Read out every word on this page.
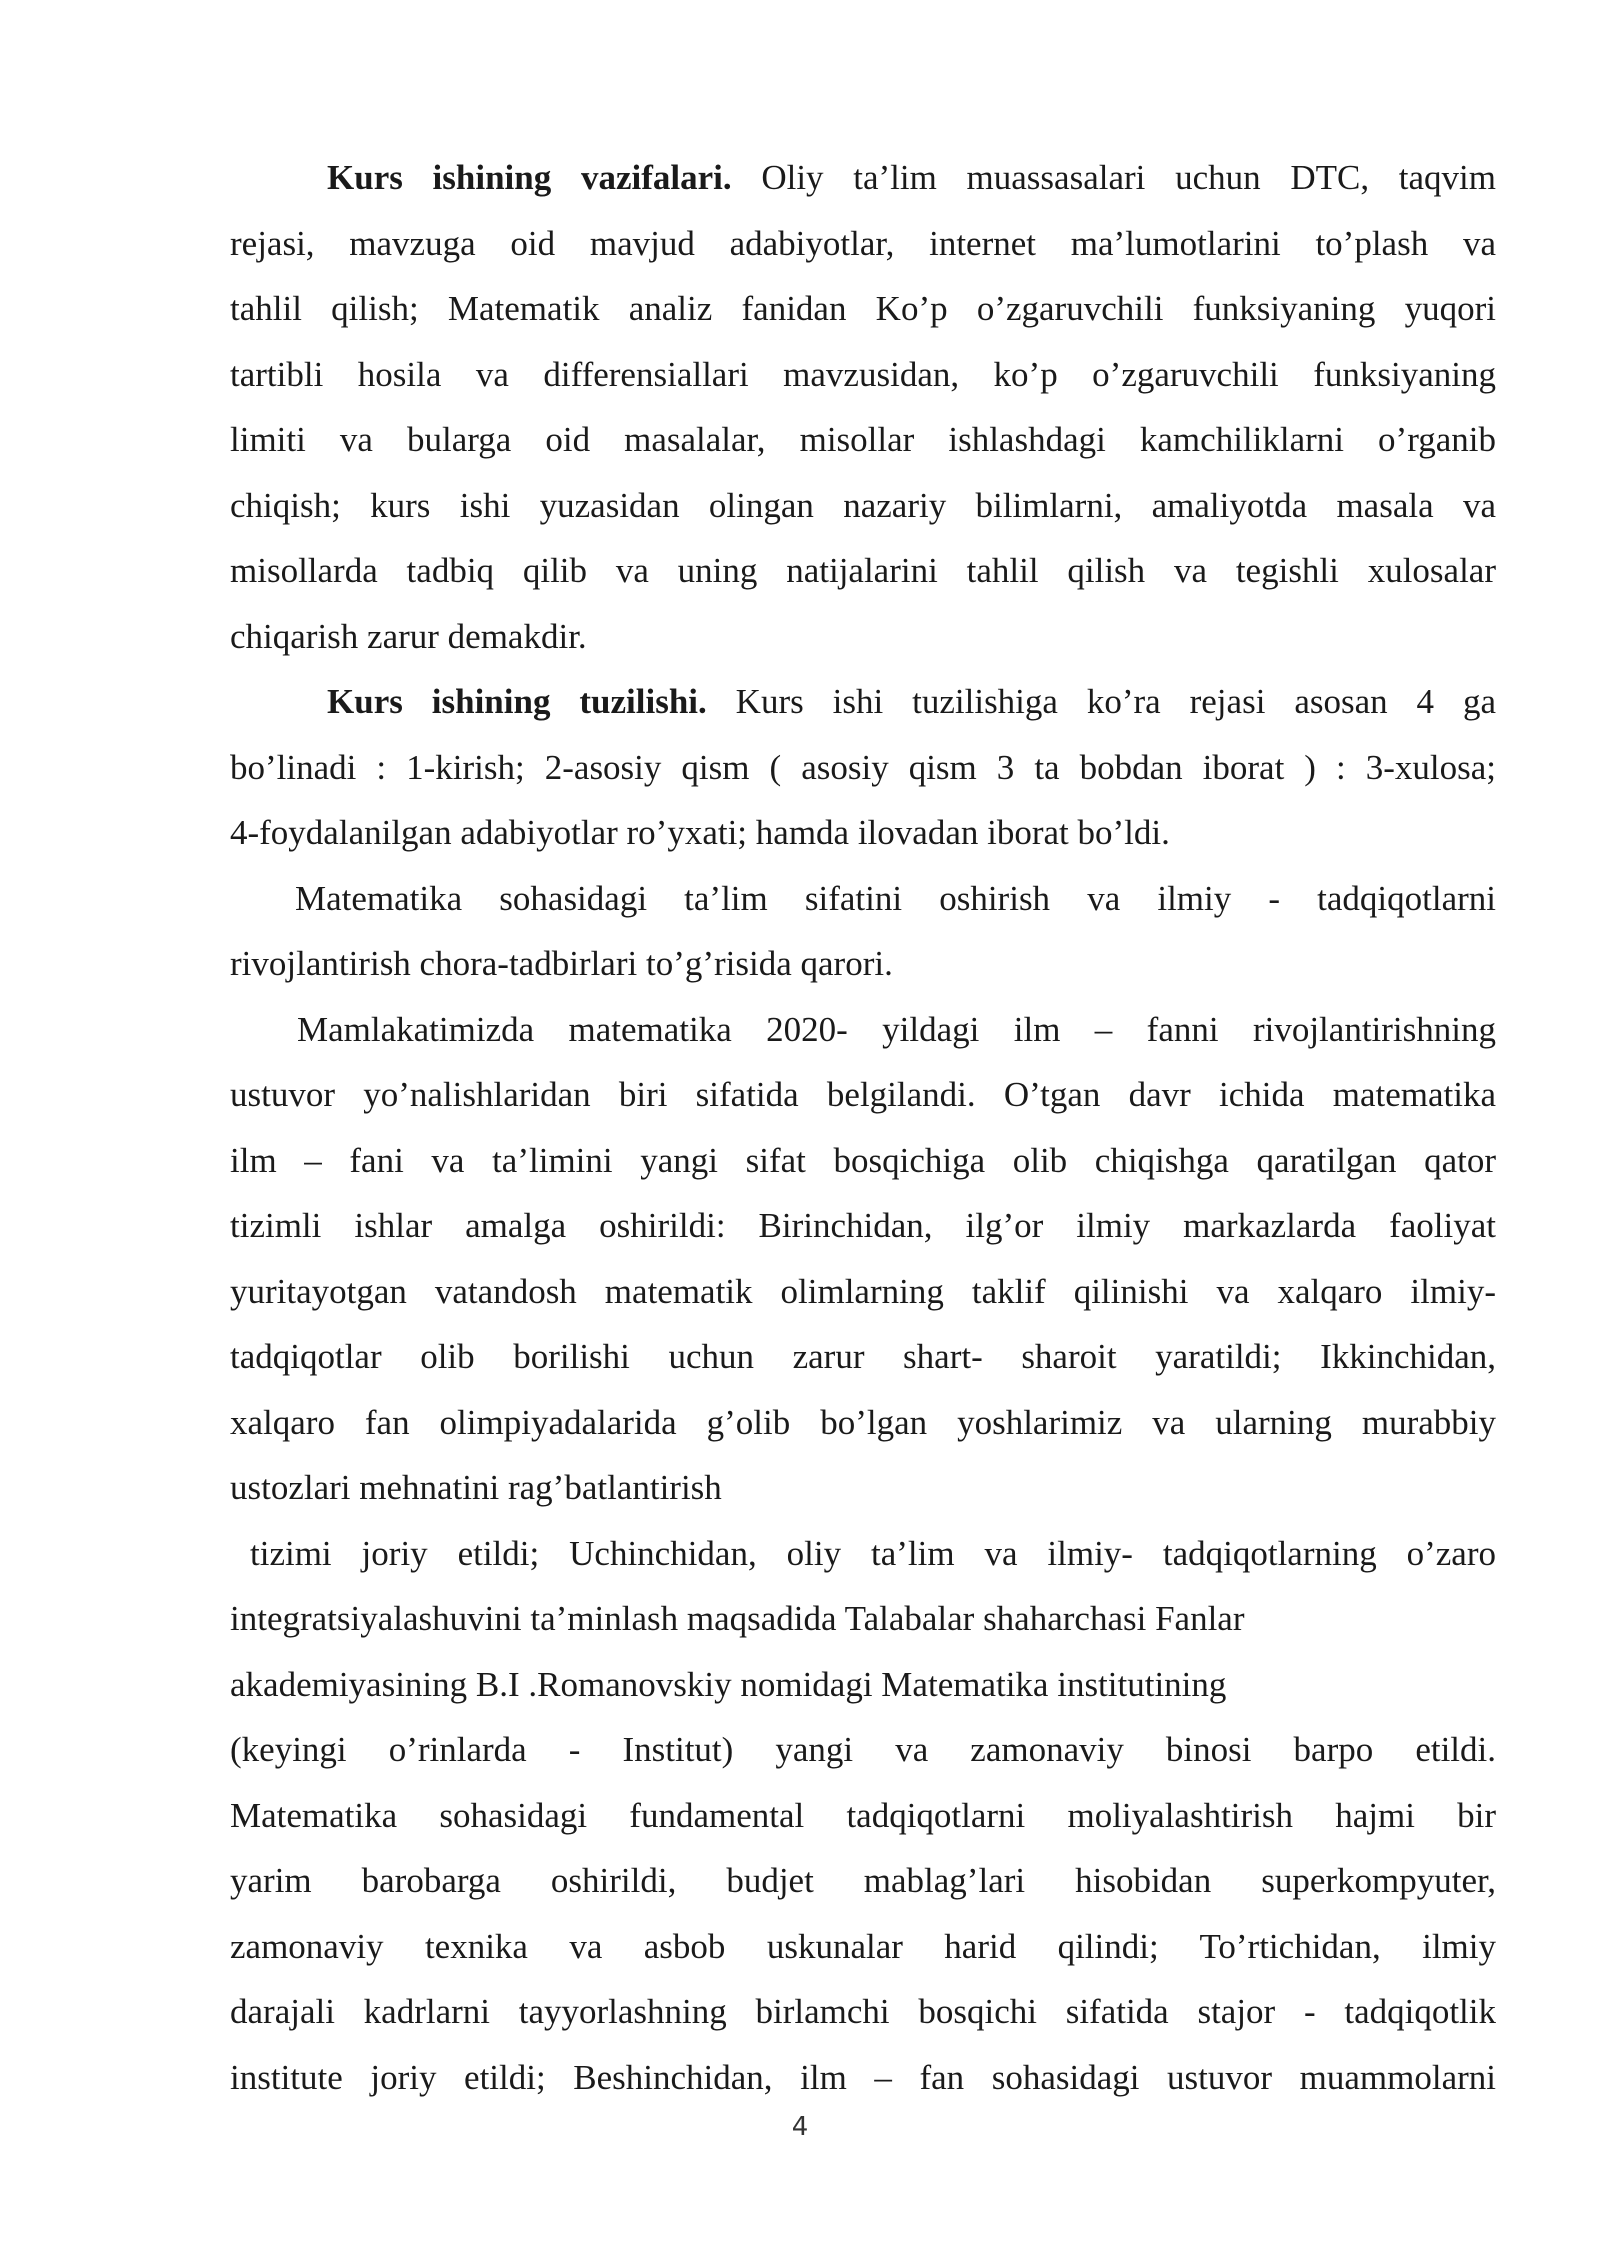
Kurs ishining vazifalari. Oliy ta’lim muassasalari uchun DTC, taqvim
rejasi, mavzuga oid mavjud adabiyotlar, internet ma’lumotlarini to’plash va
tahlil qilish; Matematik analiz fanidan Ko’p o’zgaruvchili funksiyaning yuqori
tartibli hosila va differensiallari mavzusidan, ko’p o’zgaruvchili funksiyaning
limiti va bularga oid masalalar, misollar ishlashdagi kamchiliklarni o’rganib
chiqish; kurs ishi yuzasidan olingan nazariy bilimlarni, amaliyotda masala va
misollarda tadbiq qilib va uning natijalarini tahlil qilish va tegishli xulosalar
chiqarish zarur demakdir.
Kurs ishining tuzilishi. Kurs ishi tuzilishiga ko’ra rejasi asosan 4 ga
bo’linadi : 1-kirish; 2-asosiy qism ( asosiy qism 3 ta bobdan iborat ) : 3-xulosa;
4-foydalanilgan adabiyotlar ro’yxati; hamda ilovadan iborat bo’ldi.
Matematika sohasidagi ta’lim sifatini oshirish va ilmiy - tadqiqotlarni
rivojlantirish chora-tadbirlari to’g’risida qarori.
Mamlakatimizda matematika 2020- yildagi ilm – fanni rivojlantirishning
ustuvor yo’nalishlaridan biri sifatida belgilandi. O’tgan davr ichida matematika
ilm – fani va ta’limini yangi sifat bosqichiga olib chiqishga qaratilgan qator
tizimli ishlar amalga oshirildi: Birinchidan, ilg’or ilmiy markazlarda faoliyat
yuritayotgan vatandosh matematik olimlarning taklif qilinishi va xalqaro ilmiy-
tadqiqotlar olib borilishi uchun zarur shart- sharoit yaratildi; Ikkinchidan,
xalqaro fan olimpiyadalarida g’olib bo’lgan yoshlarimiz va ularning murabbiy
ustozlari mehnatini rag’batlantirish
tizimi joriy etildi; Uchinchidan, oliy ta’lim va ilmiy- tadqiqotlarning o’zaro
integratsiyalashuvini ta’minlash maqsadida Talabalar shaharchasi Fanlar
akademiyasining B.I .Romanovskiy nomidagi Matematika institutining
(keyingi o’rinlarda - Institut) yangi va zamonaviy binosi barpo etildi.
Matematika sohasidagi fundamental tadqiqotlarni moliyalashtirish hajmi bir
yarim barobarga oshirildi, budjet mablag’lari hisobidan superkompyuter,
zamonaviy texnika va asbob uskunalar harid qilindi; To’rtichidan, ilmiy
darajali kadrlarni tayyorlashning birlamchi bosqichi sifatida stajor - tadqiqotlik
institute joriy etildi; Beshinchidan, ilm – fan sohasidagi ustuvor muammolarni
4
